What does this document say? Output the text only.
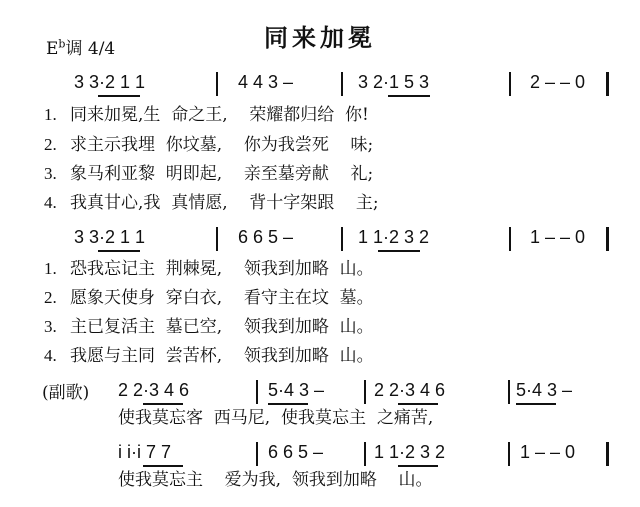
同来加冕
$E^b$调 4/4
3 3·2 1 1	4 4 3 –	3 2·1 5 3	2 – – 0
1. 同来加冕,生  命之王,    荣耀都归给  你!
2. 求主示我埋  你坟墓,    你为我尝死    味;
3. 象马利亚黎  明即起,    亲至墓旁献    礼;
4. 我真甘心,我  真情愿,    背十字架跟    主;
3 3·2 1 1	6 6 5 –	1 1·2 3 2	1 – – 0
1. 恐我忘记主  荆棘冕,    领我到加略  山。
2. 愿象天使身  穿白衣,    看守主在坟  墓。
3. 主已复活主  墓已空,    领我到加略  山。
4. 我愿与主同  尝苦杯,    领我到加略  山。
(副歌) 2 2·3 4 6	5·4 3 –	2 2·3 4 6	5·4 3 –
使我莫忘客  西马尼,  使我莫忘主  之痛苦,
i i·i 7 7	6 6 5 –	1 1·2 3 2	1 – – 0
使我莫忘主    爱为我,  领我到加略    山。
